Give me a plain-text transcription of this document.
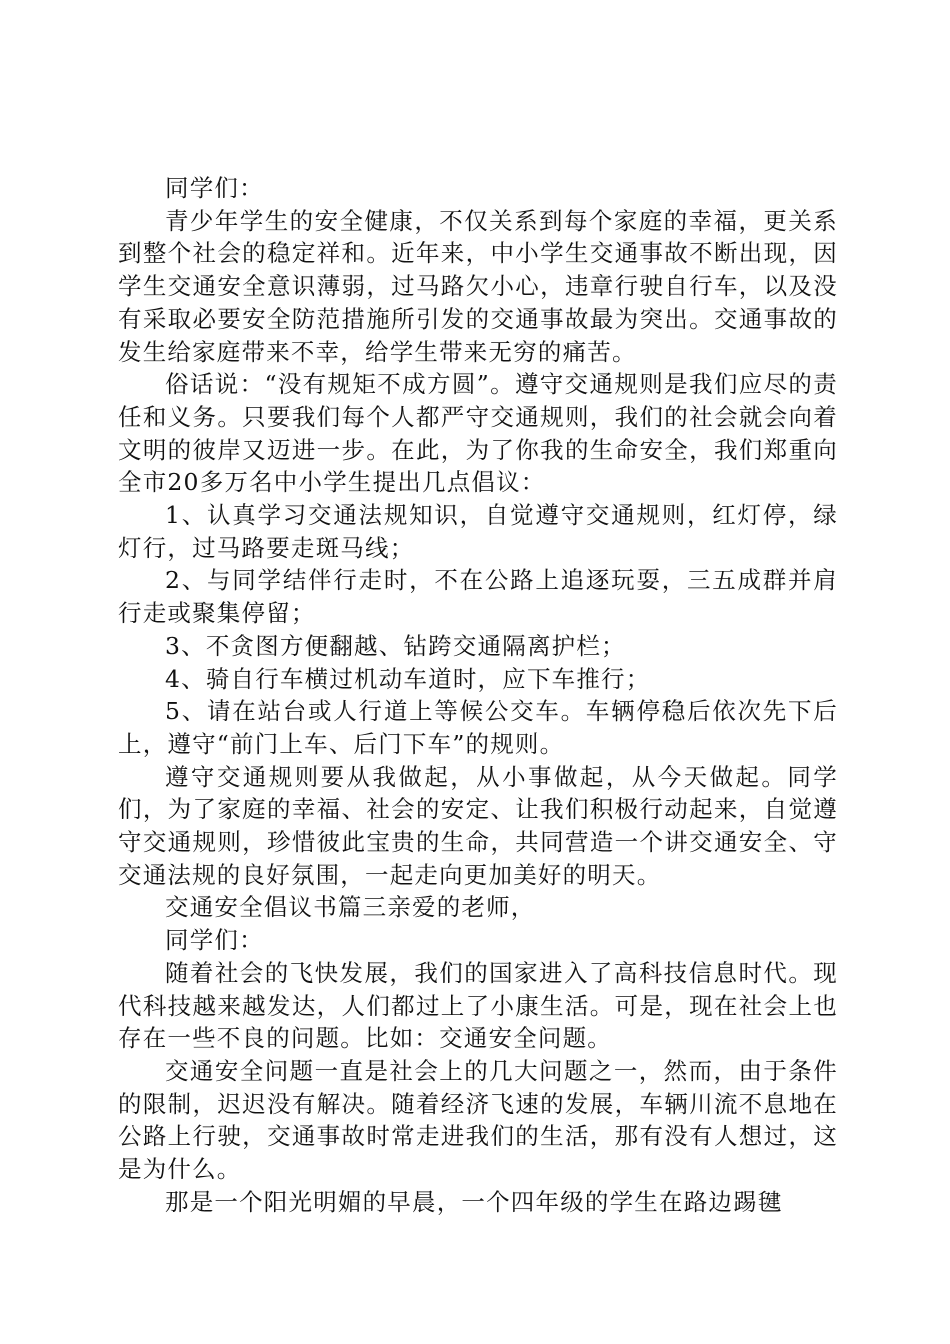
同学们：

青少年学生的安全健康，不仅关系到每个家庭的幸福，更关系到整个社会的稳定祥和。近年来，中小学生交通事故不断出现，因学生交通安全意识薄弱，过马路欠小心，违章行驶自行车，以及没有采取必要安全防范措施所引发的交通事故最为突出。交通事故的发生给家庭带来不幸，给学生带来无穷的痛苦。

俗话说：“没有规矩不成方圆”。遵守交通规则是我们应尽的责任和义务。只要我们每个人都严守交通规则，我们的社会就会向着文明的彼岸又迈进一步。在此，为了你我的生命安全，我们郑重向全市20多万名中小学生提出几点倡议：

1、认真学习交通法规知识，自觉遵守交通规则，红灯停，绿灯行，过马路要走斑马线；

2、与同学结伴行走时，不在公路上追逐玩耍，三五成群并肩行走或聚集停留；

3、不贪图方便翻越、钻跨交通隔离护栏；

4、骑自行车横过机动车道时，应下车推行；

5、请在站台或人行道上等候公交车。车辆停稳后依次先下后上，遵守“前门上车、后门下车”的规则。

遵守交通规则要从我做起，从小事做起，从今天做起。同学们，为了家庭的幸福、社会的安定、让我们积极行动起来，自觉遵守交通规则，珍惜彼此宝贵的生命，共同营造一个讲交通安全、守交通法规的良好氛围，一起走向更加美好的明天。

交通安全倡议书篇三亲爱的老师，

同学们：

随着社会的飞快发展，我们的国家进入了高科技信息时代。现代科技越来越发达，人们都过上了小康生活。可是，现在社会上也存在一些不良的问题。比如：交通安全问题。

交通安全问题一直是社会上的几大问题之一，然而，由于条件的限制，迟迟没有解决。随着经济飞速的发展，车辆川流不息地在公路上行驶，交通事故时常走进我们的生活，那有没有人想过，这是为什么。

那是一个阳光明媚的早晨，一个四年级的学生在路边踢毽
